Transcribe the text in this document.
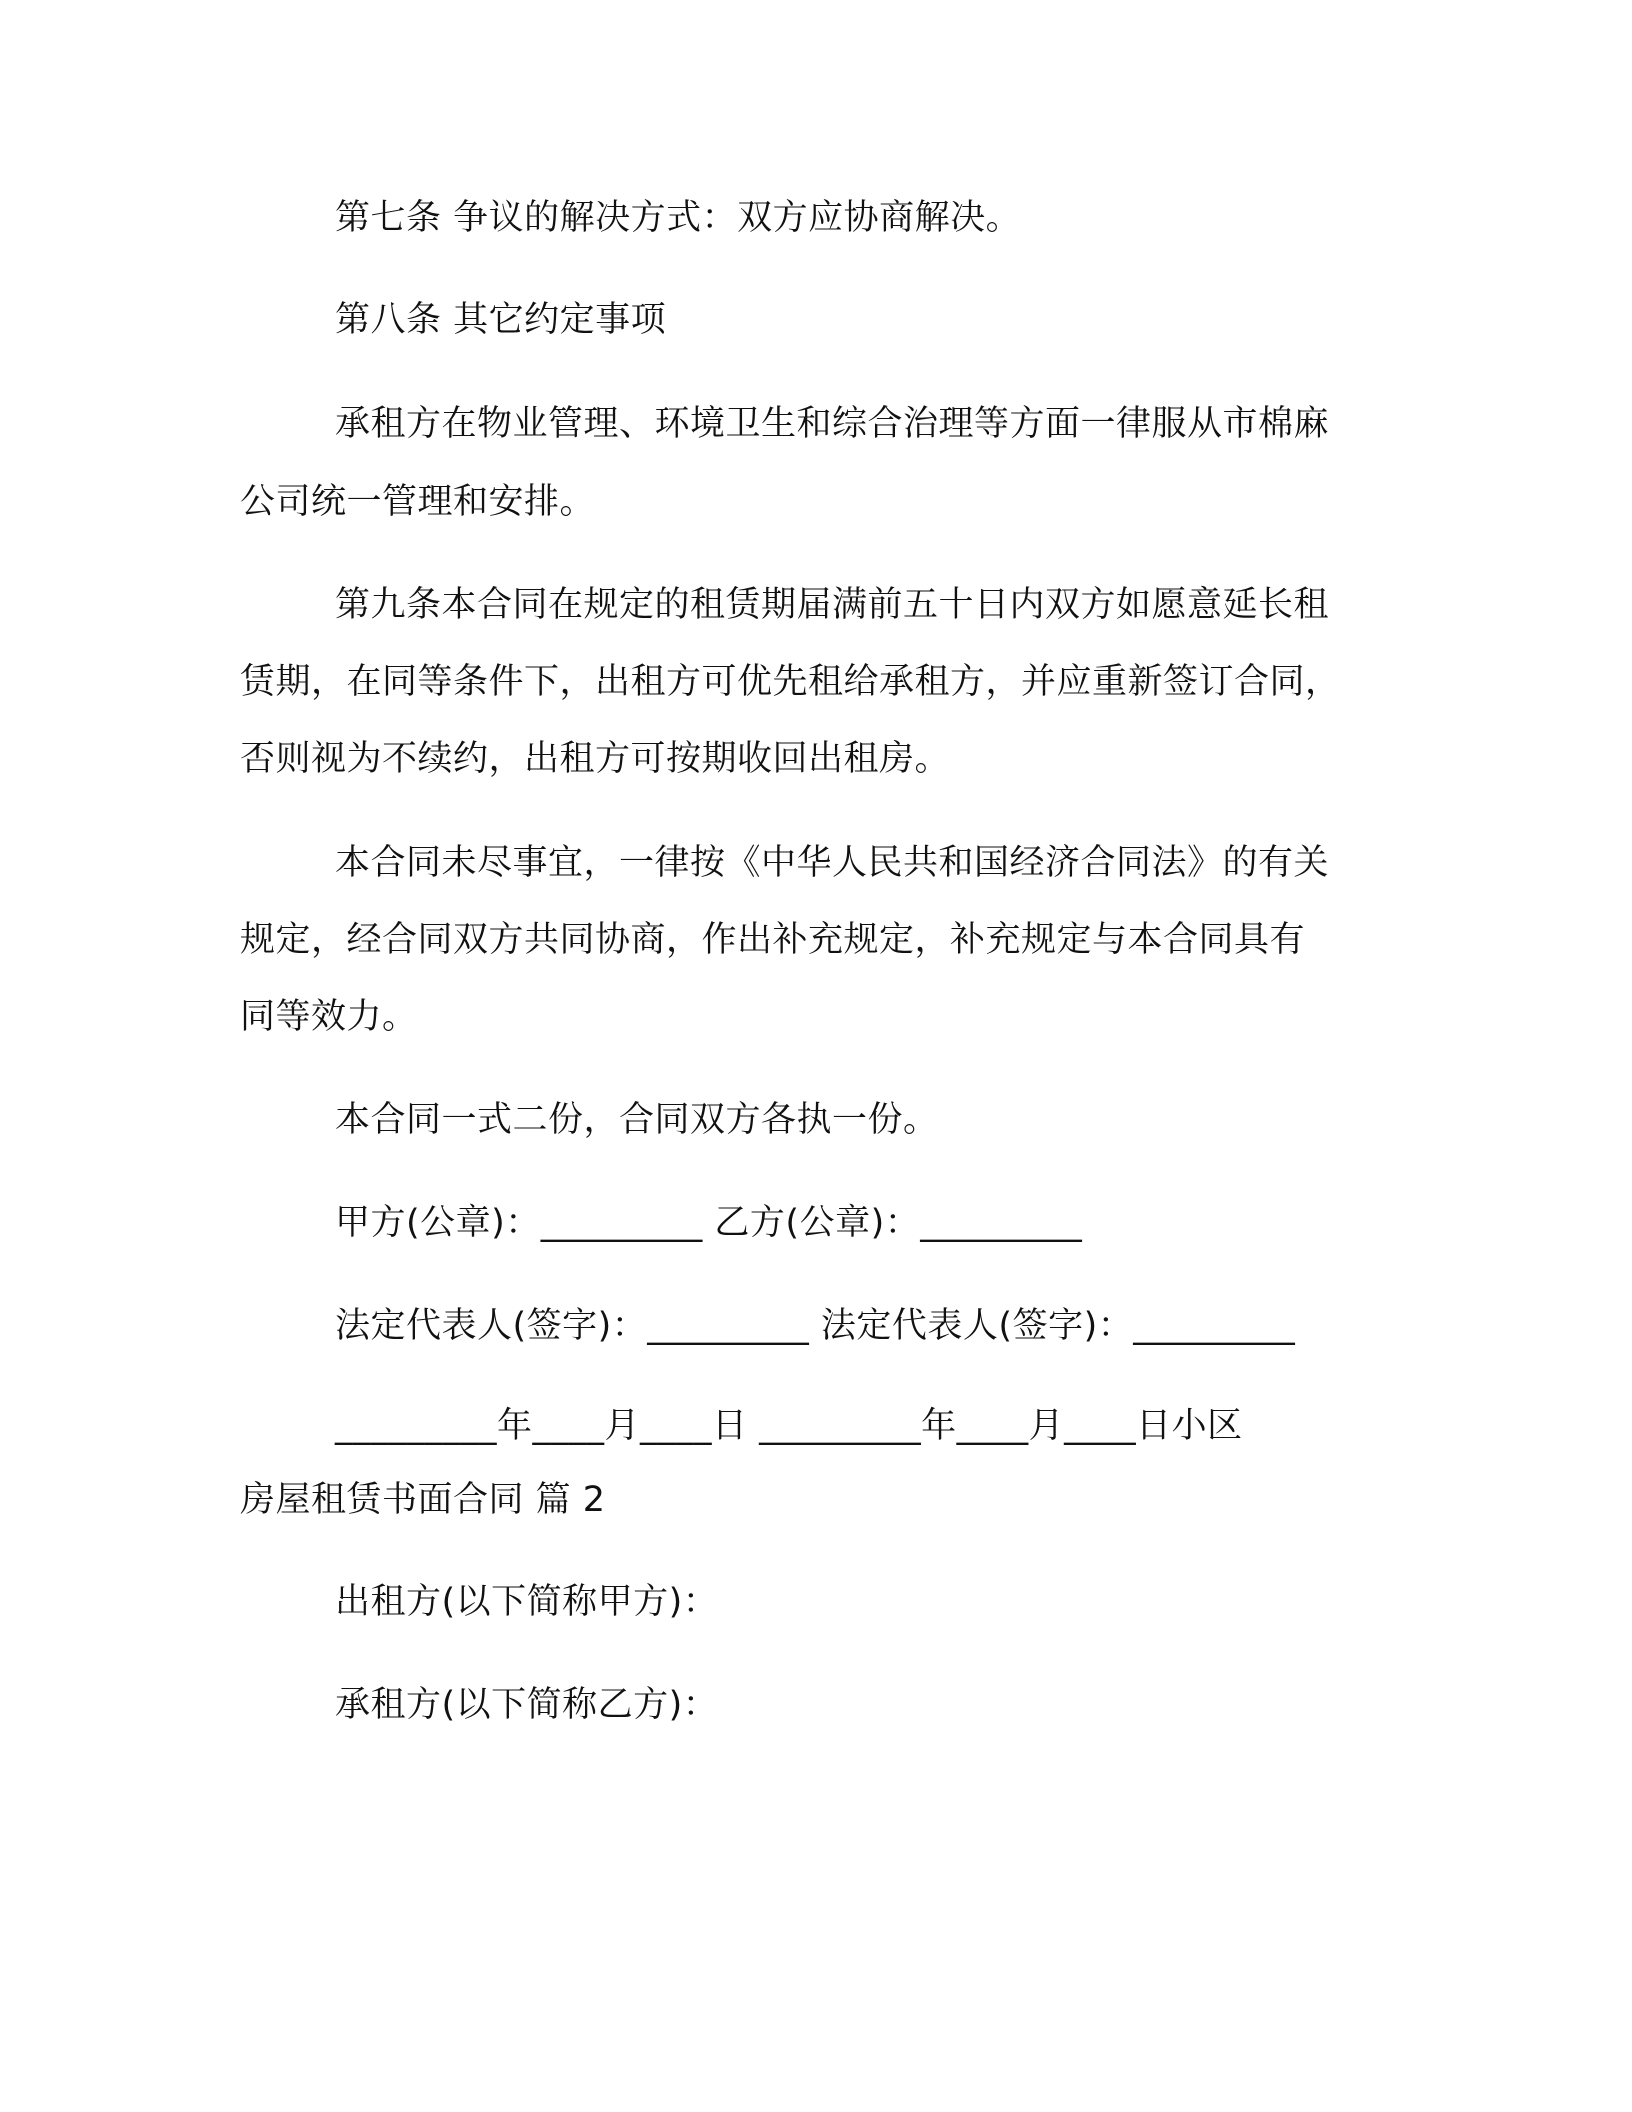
第七条 争议的解决方式：双方应协商解决。
第八条 其它约定事项
承租方在物业管理、环境卫生和综合治理等方面一律服从市棉麻
公司统一管理和安排。
第九条本合同在规定的租赁期届满前五十日内双方如愿意延长租
赁期，在同等条件下，出租方可优先租给承租方，并应重新签订合同，
否则视为不续约，出租方可按期收回出租房。
本合同未尽事宜，一律按《中华人民共和国经济合同法》的有关
规定，经合同双方共同协商，作出补充规定，补充规定与本合同具有
同等效力。
本合同一式二份，合同双方各执一份。
甲方(公章)：_________ 乙方(公章)：_________
法定代表人(签字)：_________ 法定代表人(签字)：_________
_________年____月____日 _________年____月____日小区
房屋租赁书面合同 篇 2
出租方(以下简称甲方)：
承租方(以下简称乙方)：
